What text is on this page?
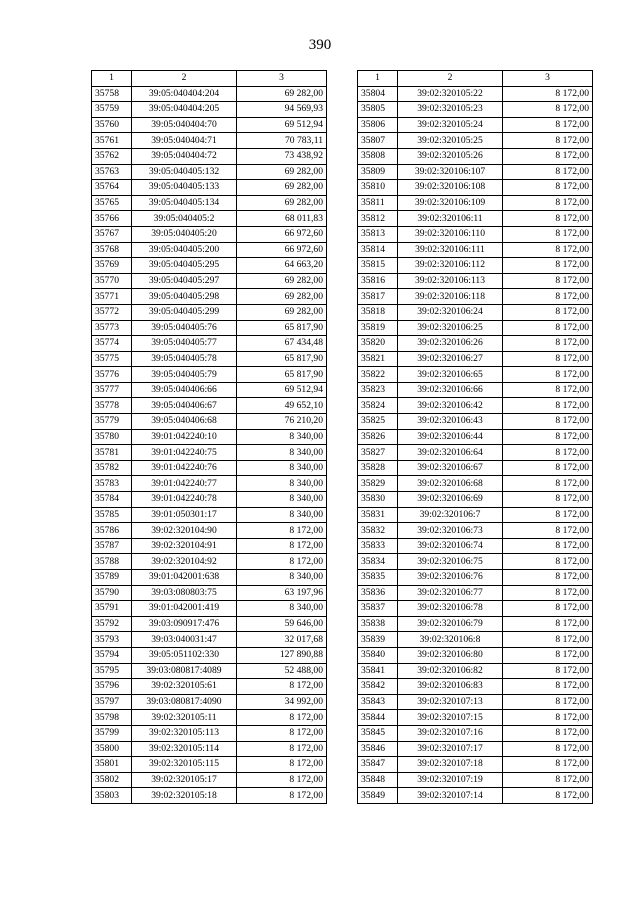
390
1	2	3
35758	39:05:040404:204	69 282,00
35759	39:05:040404:205	94 569,93
35760	39:05:040404:70	69 512,94
35761	39:05:040404:71	70 783,11
35762	39:05:040404:72	73 438,92
35763	39:05:040405:132	69 282,00
35764	39:05:040405:133	69 282,00
35765	39:05:040405:134	69 282,00
35766	39:05:040405:2	68 011,83
35767	39:05:040405:20	66 972,60
35768	39:05:040405:200	66 972,60
35769	39:05:040405:295	64 663,20
35770	39:05:040405:297	69 282,00
35771	39:05:040405:298	69 282,00
35772	39:05:040405:299	69 282,00
35773	39:05:040405:76	65 817,90
35774	39:05:040405:77	67 434,48
35775	39:05:040405:78	65 817,90
35776	39:05:040405:79	65 817,90
35777	39:05:040406:66	69 512,94
35778	39:05:040406:67	49 652,10
35779	39:05:040406:68	76 210,20
35780	39:01:042240:10	8 340,00
35781	39:01:042240:75	8 340,00
35782	39:01:042240:76	8 340,00
35783	39:01:042240:77	8 340,00
35784	39:01:042240:78	8 340,00
35785	39:01:050301:17	8 340,00
35786	39:02:320104:90	8 172,00
35787	39:02:320104:91	8 172,00
35788	39:02:320104:92	8 172,00
35789	39:01:042001:638	8 340,00
35790	39:03:080803:75	63 197,96
35791	39:01:042001:419	8 340,00
35792	39:03:090917:476	59 646,00
35793	39:03:040031:47	32 017,68
35794	39:05:051102:330	127 890,88
35795	39:03:080817:4089	52 488,00
35796	39:02:320105:61	8 172,00
35797	39:03:080817:4090	34 992,00
35798	39:02:320105:11	8 172,00
35799	39:02:320105:113	8 172,00
35800	39:02:320105:114	8 172,00
35801	39:02:320105:115	8 172,00
35802	39:02:320105:17	8 172,00
35803	39:02:320105:18	8 172,00
1	2	3
35804	39:02:320105:22	8 172,00
35805	39:02:320105:23	8 172,00
35806	39:02:320105:24	8 172,00
35807	39:02:320105:25	8 172,00
35808	39:02:320105:26	8 172,00
35809	39:02:320106:107	8 172,00
35810	39:02:320106:108	8 172,00
35811	39:02:320106:109	8 172,00
35812	39:02:320106:11	8 172,00
35813	39:02:320106:110	8 172,00
35814	39:02:320106:111	8 172,00
35815	39:02:320106:112	8 172,00
35816	39:02:320106:113	8 172,00
35817	39:02:320106:118	8 172,00
35818	39:02:320106:24	8 172,00
35819	39:02:320106:25	8 172,00
35820	39:02:320106:26	8 172,00
35821	39:02:320106:27	8 172,00
35822	39:02:320106:65	8 172,00
35823	39:02:320106:66	8 172,00
35824	39:02:320106:42	8 172,00
35825	39:02:320106:43	8 172,00
35826	39:02:320106:44	8 172,00
35827	39:02:320106:64	8 172,00
35828	39:02:320106:67	8 172,00
35829	39:02:320106:68	8 172,00
35830	39:02:320106:69	8 172,00
35831	39:02:320106:7	8 172,00
35832	39:02:320106:73	8 172,00
35833	39:02:320106:74	8 172,00
35834	39:02:320106:75	8 172,00
35835	39:02:320106:76	8 172,00
35836	39:02:320106:77	8 172,00
35837	39:02:320106:78	8 172,00
35838	39:02:320106:79	8 172,00
35839	39:02:320106:8	8 172,00
35840	39:02:320106:80	8 172,00
35841	39:02:320106:82	8 172,00
35842	39:02:320106:83	8 172,00
35843	39:02:320107:13	8 172,00
35844	39:02:320107:15	8 172,00
35845	39:02:320107:16	8 172,00
35846	39:02:320107:17	8 172,00
35847	39:02:320107:18	8 172,00
35848	39:02:320107:19	8 172,00
35849	39:02:320107:14	8 172,00
